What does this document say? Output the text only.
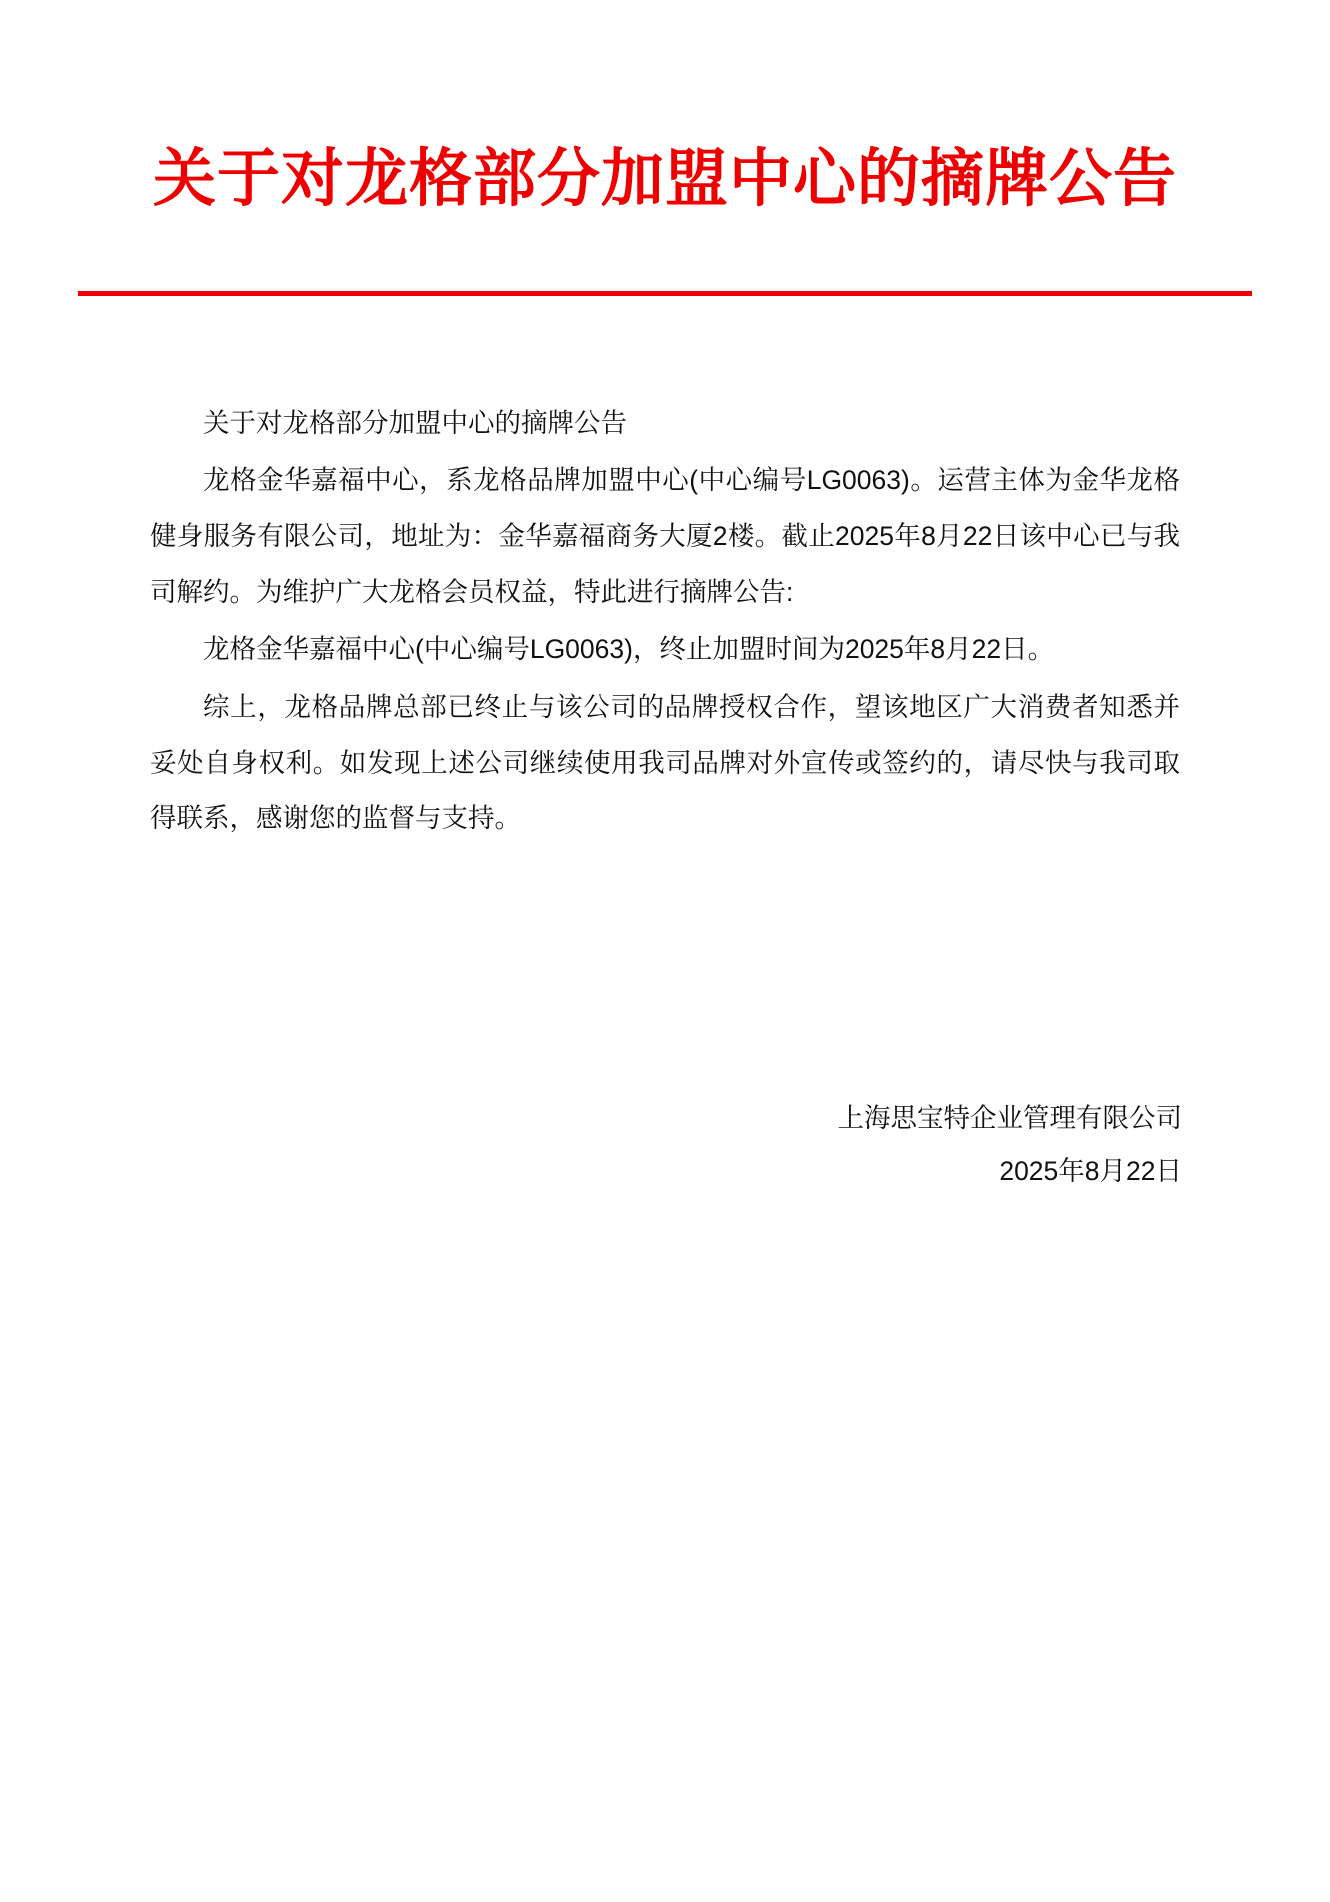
关于对龙格部分加盟中心的摘牌公告

关于对龙格部分加盟中心的摘牌公告

龙格金华嘉福中心，系龙格品牌加盟中心(中心编号LG0063)。运营主体为金华龙格健身服务有限公司，地址为：金华嘉福商务大厦2楼。截止2025年8月22日该中心已与我司解约。为维护广大龙格会员权益，特此进行摘牌公告:

龙格金华嘉福中心(中心编号LG0063)，终止加盟时间为2025年8月22日。

综上，龙格品牌总部已终止与该公司的品牌授权合作，望该地区广大消费者知悉并妥处自身权利。如发现上述公司继续使用我司品牌对外宣传或签约的，请尽快与我司取得联系，感谢您的监督与支持。

上海思宝特企业管理有限公司
2025年8月22日
